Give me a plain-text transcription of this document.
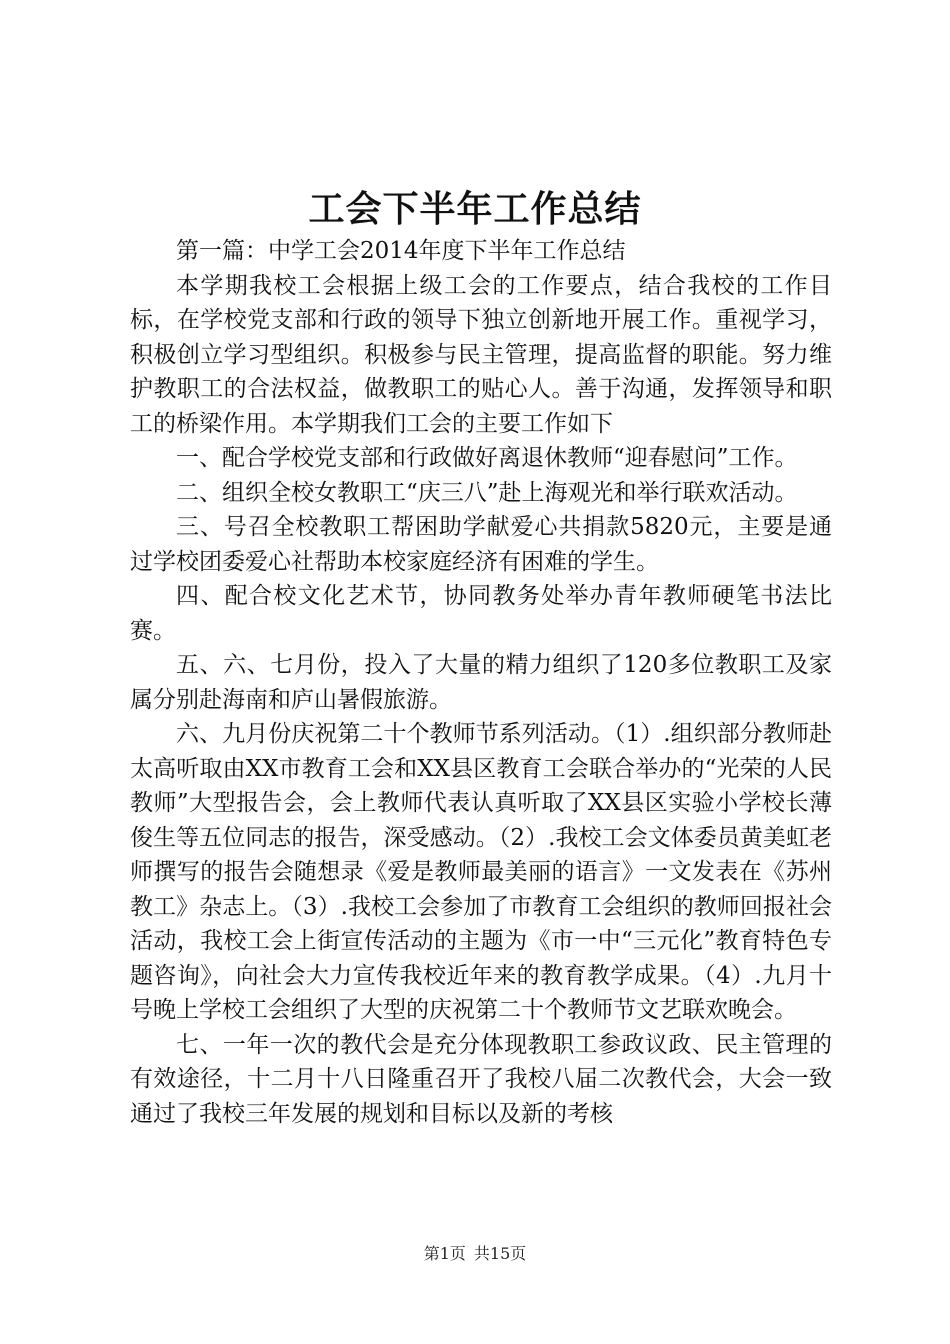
工会下半年工作总结

第一篇：中学工会2014年度下半年工作总结

本学期我校工会根据上级工会的工作要点，结合我校的工作目标，在学校党支部和行政的领导下独立创新地开展工作。重视学习，积极创立学习型组织。积极参与民主管理，提高监督的职能。努力维护教职工的合法权益，做教职工的贴心人。善于沟通，发挥领导和职工的桥梁作用。本学期我们工会的主要工作如下

一、配合学校党支部和行政做好离退休教师“迎春慰问”工作。

二、组织全校女教职工“庆三八”赴上海观光和举行联欢活动。

三、号召全校教职工帮困助学献爱心共捐款5820元，主要是通过学校团委爱心社帮助本校家庭经济有困难的学生。

四、配合校文化艺术节，协同教务处举办青年教师硬笔书法比赛。

五、六、七月份，投入了大量的精力组织了120多位教职工及家属分别赴海南和庐山暑假旅游。

六、九月份庆祝第二十个教师节系列活动。（1）.组织部分教师赴太高听取由XX市教育工会和XX县区教育工会联合举办的“光荣的人民教师”大型报告会，会上教师代表认真听取了XX县区实验小学校长薄俊生等五位同志的报告，深受感动。（2）.我校工会文体委员黄美虹老师撰写的报告会随想录《爱是教师最美丽的语言》一文发表在《苏州教工》杂志上。（3）.我校工会参加了市教育工会组织的教师回报社会活动，我校工会上街宣传活动的主题为《市一中“三元化”教育特色专题咨询》，向社会大力宣传我校近年来的教育教学成果。（4）.九月十号晚上学校工会组织了大型的庆祝第二十个教师节文艺联欢晚会。

七、一年一次的教代会是充分体现教职工参政议政、民主管理的有效途径，十二月十八日隆重召开了我校八届二次教代会，大会一致通过了我校三年发展的规划和目标以及新的考核

第1页 共15页
